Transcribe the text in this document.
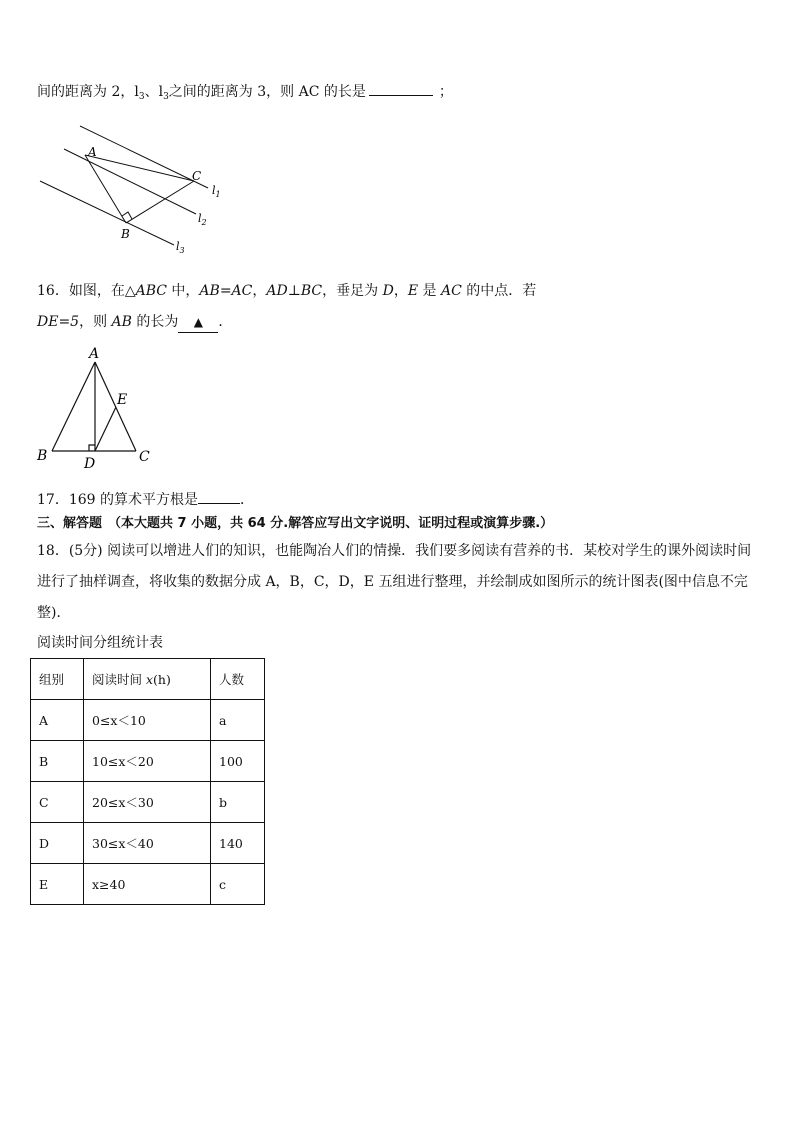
间的距离为 2，$l_3$、$l_3$之间的距离为 3，则 AC 的长是	；
A
B
C
$l_1$
$l_2$
$l_3$
16．如图，在△ABC 中，AB=AC，AD⊥BC，垂足为 D，E 是 AC 的中点．若
DE=5，则 AB 的长为 ▲ ．
A
B	C
D
E
17．169 的算术平方根是	．
三、解答题 （本大题共 7 小题，共 64 分.解答应写出文字说明、证明过程或演算步骤.）
18．(5分) 阅读可以增进人们的知识，也能陶冶人们的情操．我们要多阅读有营养的书．某校对学生的课外阅读时间
进行了抽样调查，将收集的数据分成 A，B，C，D，E 五组进行整理，并绘制成如图所示的统计图表(图中信息不完
整)．
阅读时间分组统计表
组别	阅读时间 x(h)	人数
A	0≤x＜10	a
B	10≤x＜20	100
C	20≤x＜30	b
D	30≤x＜40	140
E	x≥40	c
